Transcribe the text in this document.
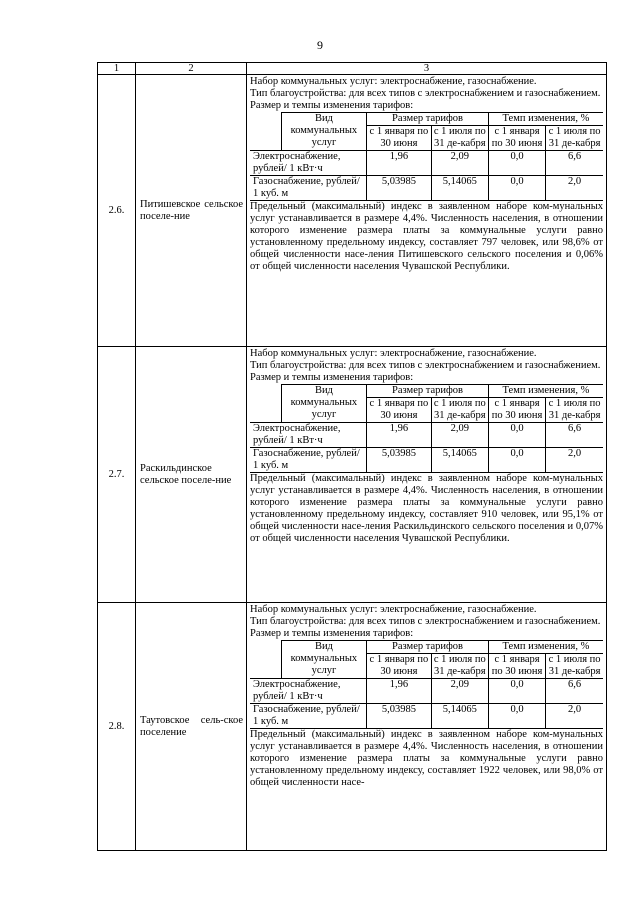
9
1	2	3
2.6.	Питишевское сельское поселе-ние	
Набор коммунальных услуг: электроснабжение, газоснабжение.
Тип благоустройства: для всех типов с электроснабжением и газоснабжением.
Размер и темпы изменения тарифов:
	Вид коммунальных услуг	Размер тарифов	Темп изменения, %
	с 1 января по 30 июня	с 1 июля по 31 де-кабря	с 1 января по 30 июня	с 1 июля по 31 де-кабря
Электроснабжение, рублей/ 1 кВт·ч	1,96	2,09	0,0	6,6
Газоснабжение, рублей/ 1 куб. м	5,03985	5,14065	0,0	2,0
Предельный (максимальный) индекс в заявленном наборе ком-мунальных услуг устанавливается в размере 4,4%. Численность населения, в отношении которого изменение размера платы за коммунальные услуги равно установленному предельному индексу, составляет 797 человек, или 98,6% от общей численности насе-ления Питишевского сельского поселения и 0,06% от общей численности населения Чувашской Республики.

2.7.	Раскильдинское сельское поселе-ние	
Набор коммунальных услуг: электроснабжение, газоснабжение.
Тип благоустройства: для всех типов с электроснабжением и газоснабжением.
Размер и темпы изменения тарифов:
	Вид коммунальных услуг	Размер тарифов	Темп изменения, %
	с 1 января по 30 июня	с 1 июля по 31 де-кабря	с 1 января по 30 июня	с 1 июля по 31 де-кабря
Электроснабжение, рублей/ 1 кВт·ч	1,96	2,09	0,0	6,6
Газоснабжение, рублей/ 1 куб. м	5,03985	5,14065	0,0	2,0
Предельный (максимальный) индекс в заявленном наборе ком-мунальных услуг устанавливается в размере 4,4%. Численность населения, в отношении которого изменение размера платы за коммунальные услуги равно установленному предельному индексу, составляет 910 человек, или 95,1% от общей численности насе-ления Раскильдинского сельского поселения и 0,07% от общей численности населения Чувашской Республики.

2.8.	Таутовское сель-ское поселение	
Набор коммунальных услуг: электроснабжение, газоснабжение.
Тип благоустройства: для всех типов с электроснабжением и газоснабжением.
Размер и темпы изменения тарифов:
	Вид коммунальных услуг	Размер тарифов	Темп изменения, %
	с 1 января по 30 июня	с 1 июля по 31 де-кабря	с 1 января по 30 июня	с 1 июля по 31 де-кабря
Электроснабжение, рублей/ 1 кВт·ч	1,96	2,09	0,0	6,6
Газоснабжение, рублей/ 1 куб. м	5,03985	5,14065	0,0	2,0
Предельный (максимальный) индекс в заявленном наборе ком-мунальных услуг устанавливается в размере 4,4%. Численность населения, в отношении которого изменение размера платы за коммунальные услуги равно установленному предельному индексу, составляет 1922 человек, или 98,0% от общей численности насе-
